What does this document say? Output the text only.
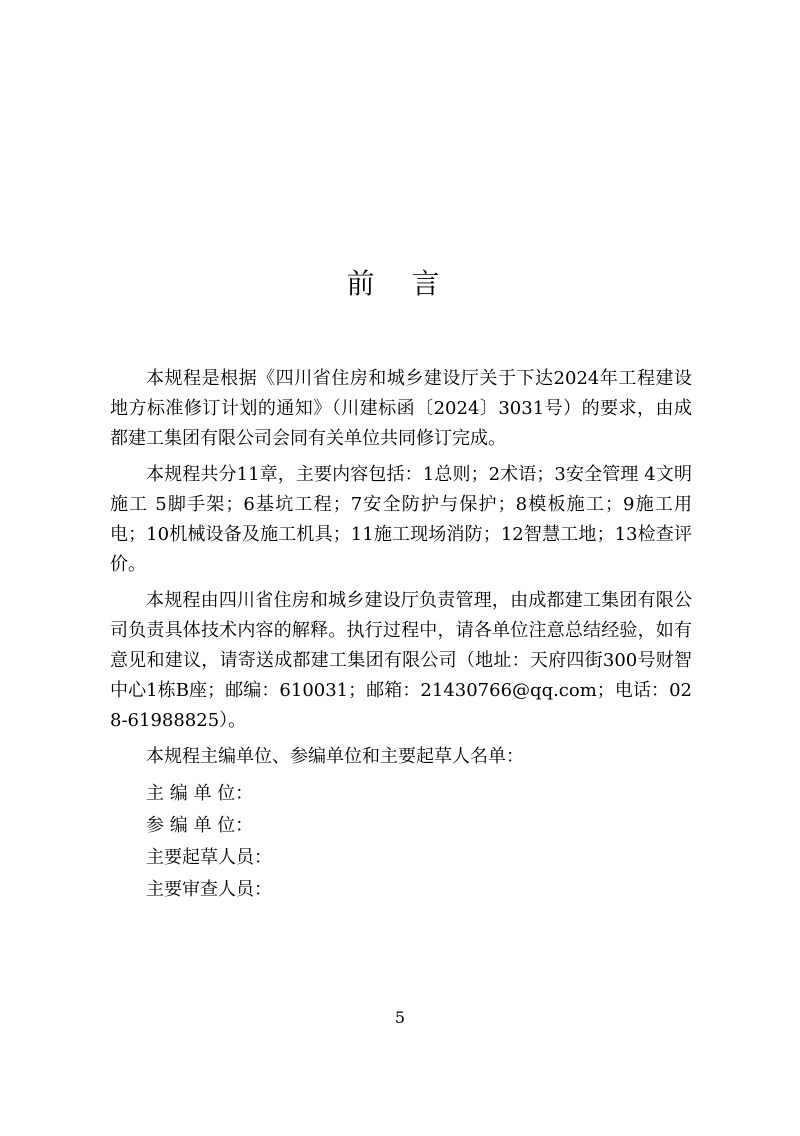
前 言

本规程是根据《四川省住房和城乡建设厅关于下达2024年工程建设地方标准修订计划的通知》（川建标函〔2024〕3031号）的要求，由成都建工集团有限公司会同有关单位共同修订完成。

本规程共分11章，主要内容包括：1总则；2术语；3安全管理 4文明施工 5脚手架；6基坑工程；7安全防护与保护；8模板施工；9施工用电；10机械设备及施工机具；11施工现场消防；12智慧工地；13检查评价。

本规程由四川省住房和城乡建设厅负责管理，由成都建工集团有限公司负责具体技术内容的解释。执行过程中，请各单位注意总结经验，如有意见和建议，请寄送成都建工集团有限公司（地址：天府四街300号财智中心1栋B座；邮编：610031；邮箱：21430766@qq.com；电话：028-61988825）。

本规程主编单位、参编单位和主要起草人名单：

主 编 单 位：

参 编 单 位：

主要起草人员：

主要审查人员：

5
